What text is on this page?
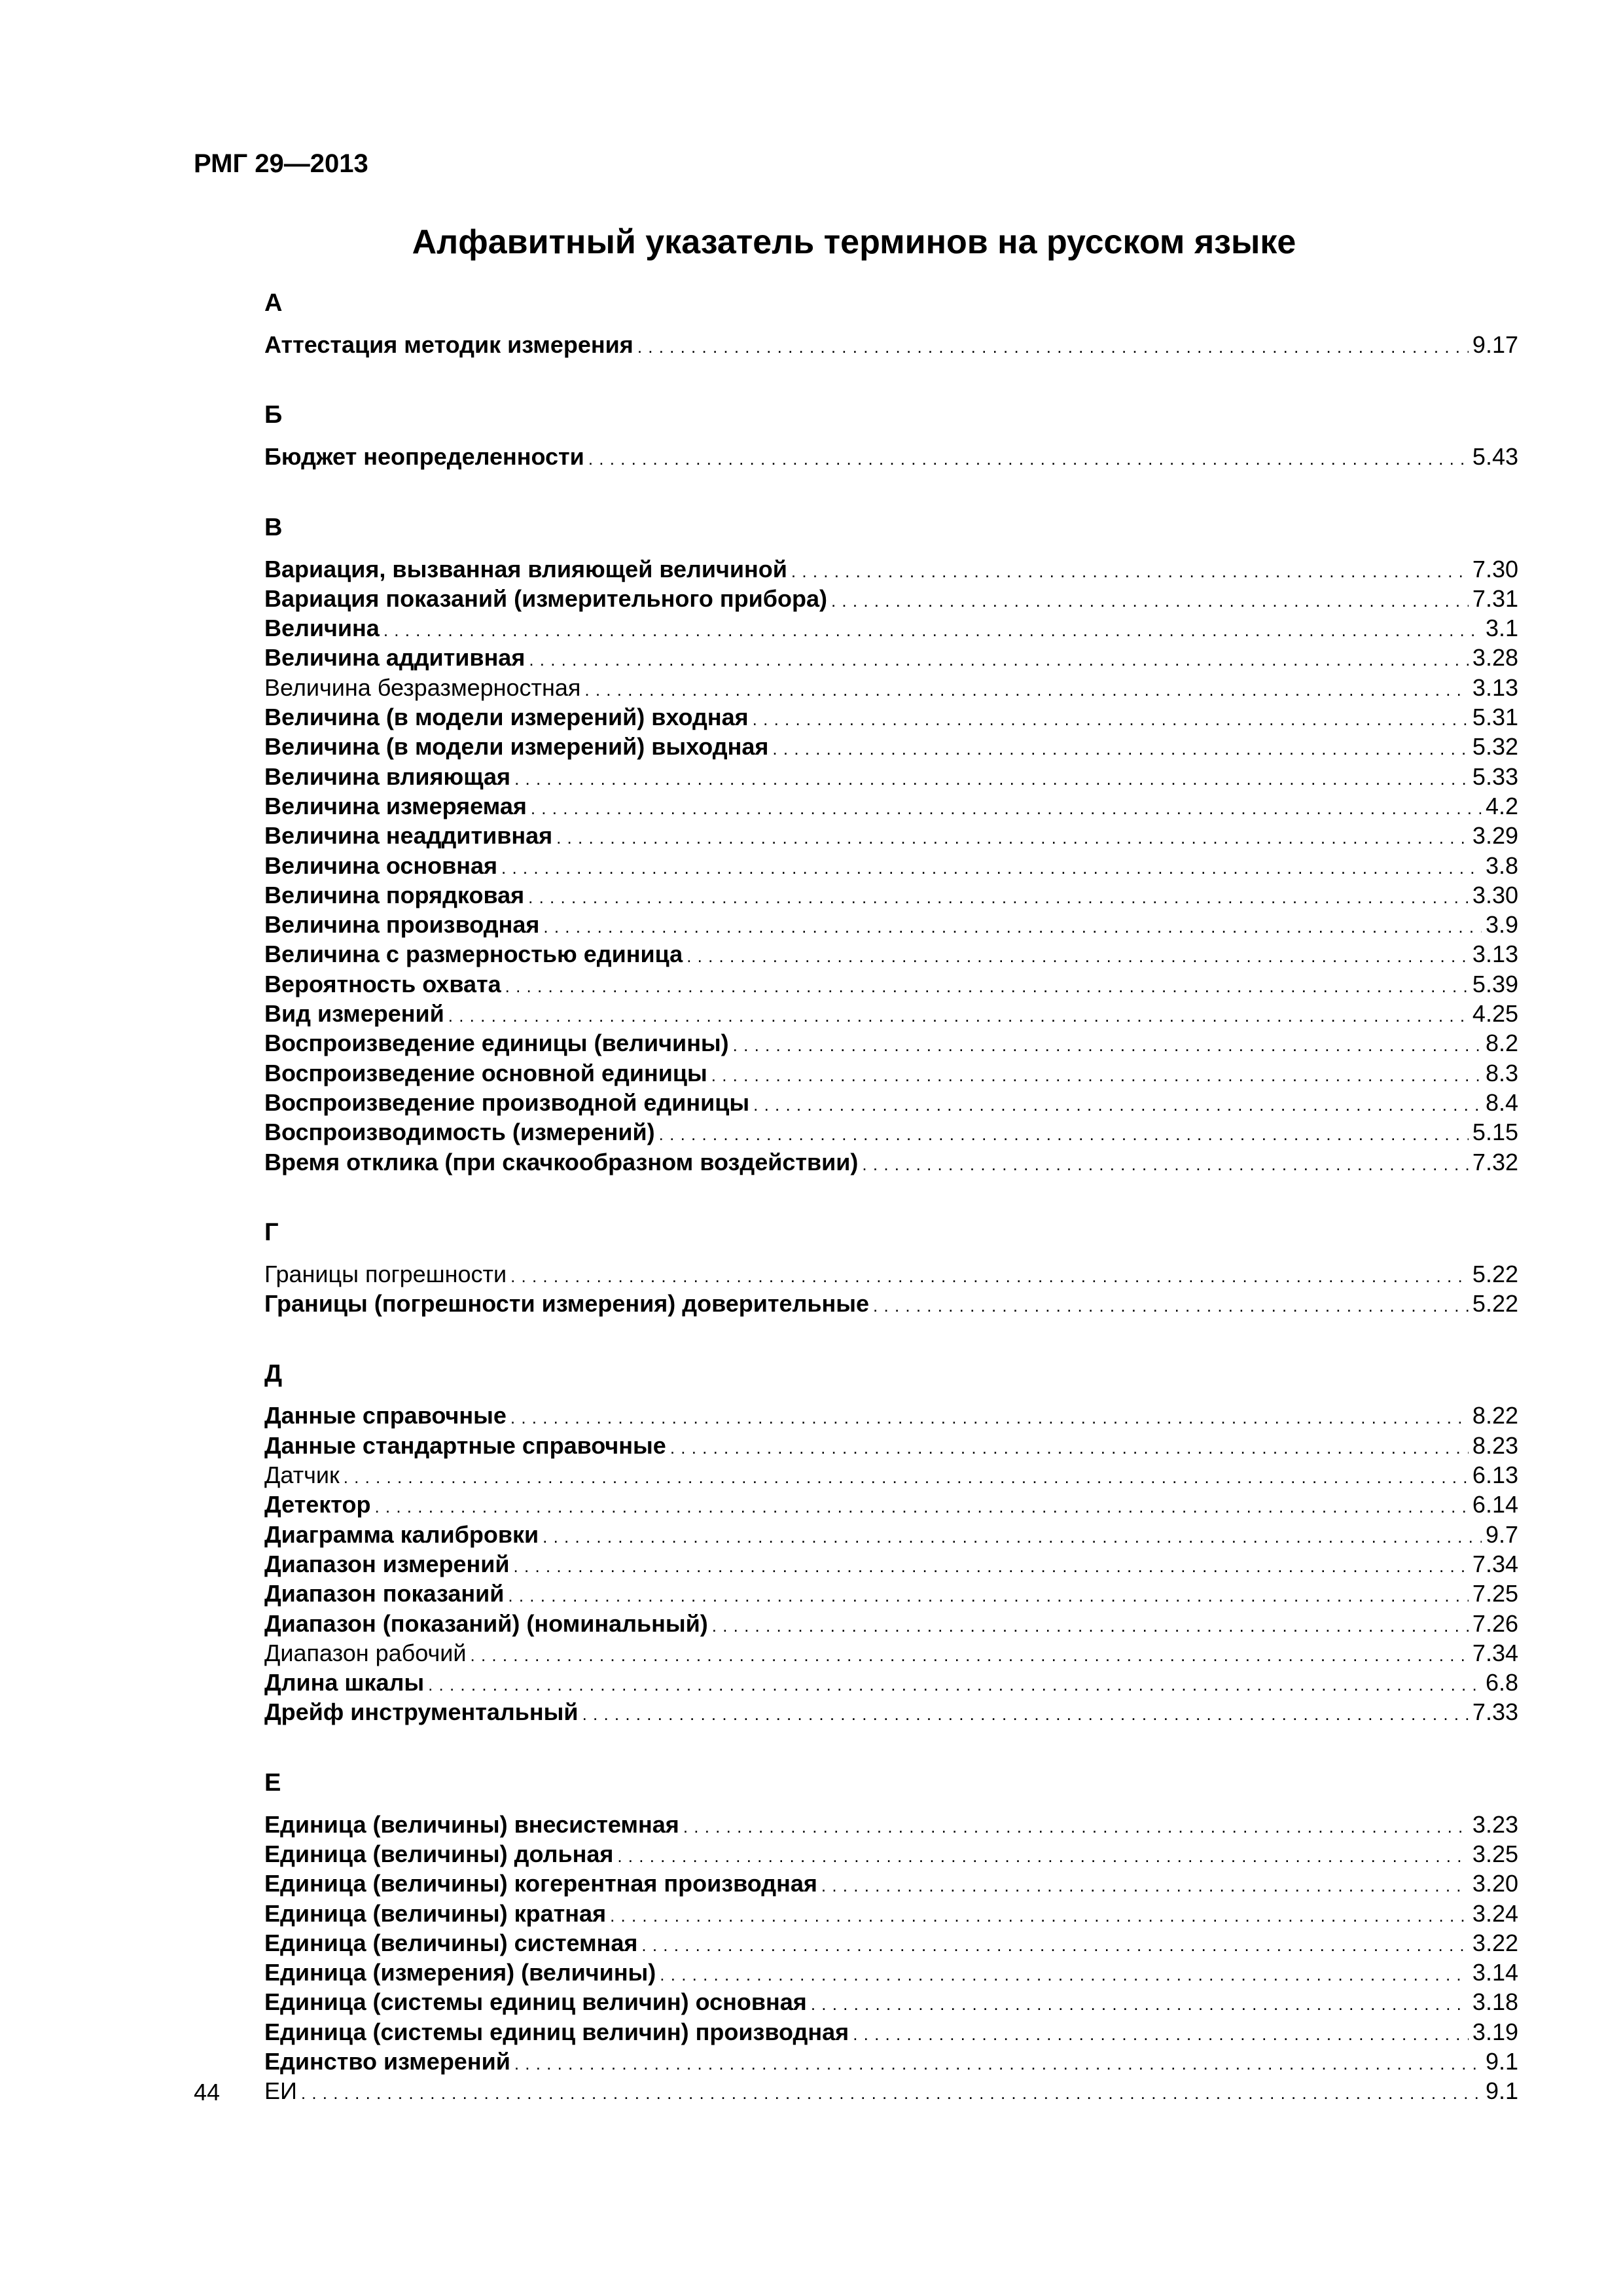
РМГ 29—2013
Алфавитный указатель терминов на русском языке
А
Аттестация методик измерения . . .	9.17
Б
Бюджет неопределенности . . .	5.43
В
Вариация, вызванная влияющей величиной . . .	7.30
Вариация показаний (измерительного прибора) . . .	7.31
Величина . . .	3.1
Величина аддитивная . . .	3.28
Величина безразмерностная . . .	3.13
Величина (в модели измерений) входная . . .	5.31
Величина (в модели измерений) выходная . . .	5.32
Величина влияющая . . .	5.33
Величина измеряемая . . .	4.2
Величина неаддитивная . . .	3.29
Величина основная . . .	3.8
Величина порядковая . . .	3.30
Величина производная . . .	3.9
Величина с размерностью единица . . .	3.13
Вероятность охвата . . .	5.39
Вид измерений . . .	4.25
Воспроизведение единицы (величины) . . .	8.2
Воспроизведение основной единицы . . .	8.3
Воспроизведение производной единицы . . .	8.4
Воспроизводимость (измерений) . . .	5.15
Время отклика (при скачкообразном воздействии) . . .	7.32
Г
Границы погрешности . . .	5.22
Границы (погрешности измерения) доверительные . . .	5.22
Д
Данные справочные . . .	8.22
Данные стандартные справочные . . .	8.23
Датчик . . .	6.13
Детектор . . .	6.14
Диаграмма калибровки . . .	9.7
Диапазон измерений . . .	7.34
Диапазон показаний . . .	7.25
Диапазон (показаний) (номинальный) . . .	7.26
Диапазон рабочий . . .	7.34
Длина шкалы . . .	6.8
Дрейф инструментальный . . .	7.33
Е
Единица (величины) внесистемная . . .	3.23
Единица (величины) дольная . . .	3.25
Единица (величины) когерентная производная . . .	3.20
Единица (величины) кратная . . .	3.24
Единица (величины) системная . . .	3.22
Единица (измерения) (величины) . . .	3.14
Единица (системы единиц величин) основная . . .	3.18
Единица (системы единиц величин) производная . . .	3.19
Единство измерений . . .	9.1
ЕИ . . .	9.1

44
